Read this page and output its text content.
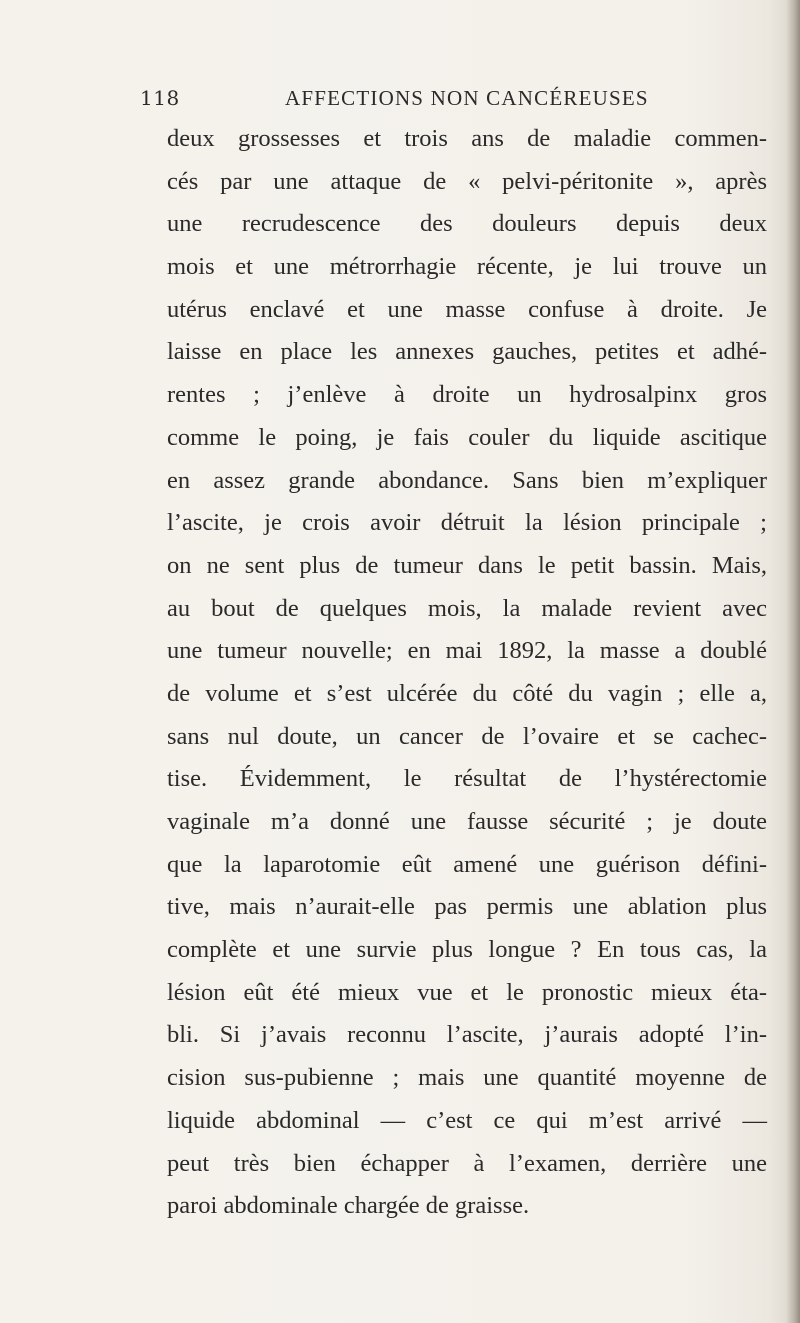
118	AFFECTIONS NON CANCÉREUSES
deux grossesses et trois ans de maladie commen-
cés par une attaque de « pelvi-péritonite », après
une recrudescence des douleurs depuis deux
mois et une métrorrhagie récente, je lui trouve un
utérus enclavé et une masse confuse à droite. Je
laisse en place les annexes gauches, petites et adhé-
rentes ; j’enlève à droite un hydrosalpinx gros
comme le poing, je fais couler du liquide ascitique
en assez grande abondance. Sans bien m’expliquer
l’ascite, je crois avoir détruit la lésion principale ;
on ne sent plus de tumeur dans le petit bassin. Mais,
au bout de quelques mois, la malade revient avec
une tumeur nouvelle; en mai 1892, la masse a doublé
de volume et s’est ulcérée du côté du vagin ; elle a,
sans nul doute, un cancer de l’ovaire et se cachec-
tise. Évidemment, le résultat de l’hystérectomie
vaginale m’a donné une fausse sécurité ; je doute
que la laparotomie eût amené une guérison défini-
tive, mais n’aurait-elle pas permis une ablation plus
complète et une survie plus longue ? En tous cas, la
lésion eût été mieux vue et le pronostic mieux éta-
bli. Si j’avais reconnu l’ascite, j’aurais adopté l’in-
cision sus-pubienne ; mais une quantité moyenne de
liquide abdominal — c’est ce qui m’est arrivé —
peut très bien échapper à l’examen, derrière une
paroi abdominale chargée de graisse.
